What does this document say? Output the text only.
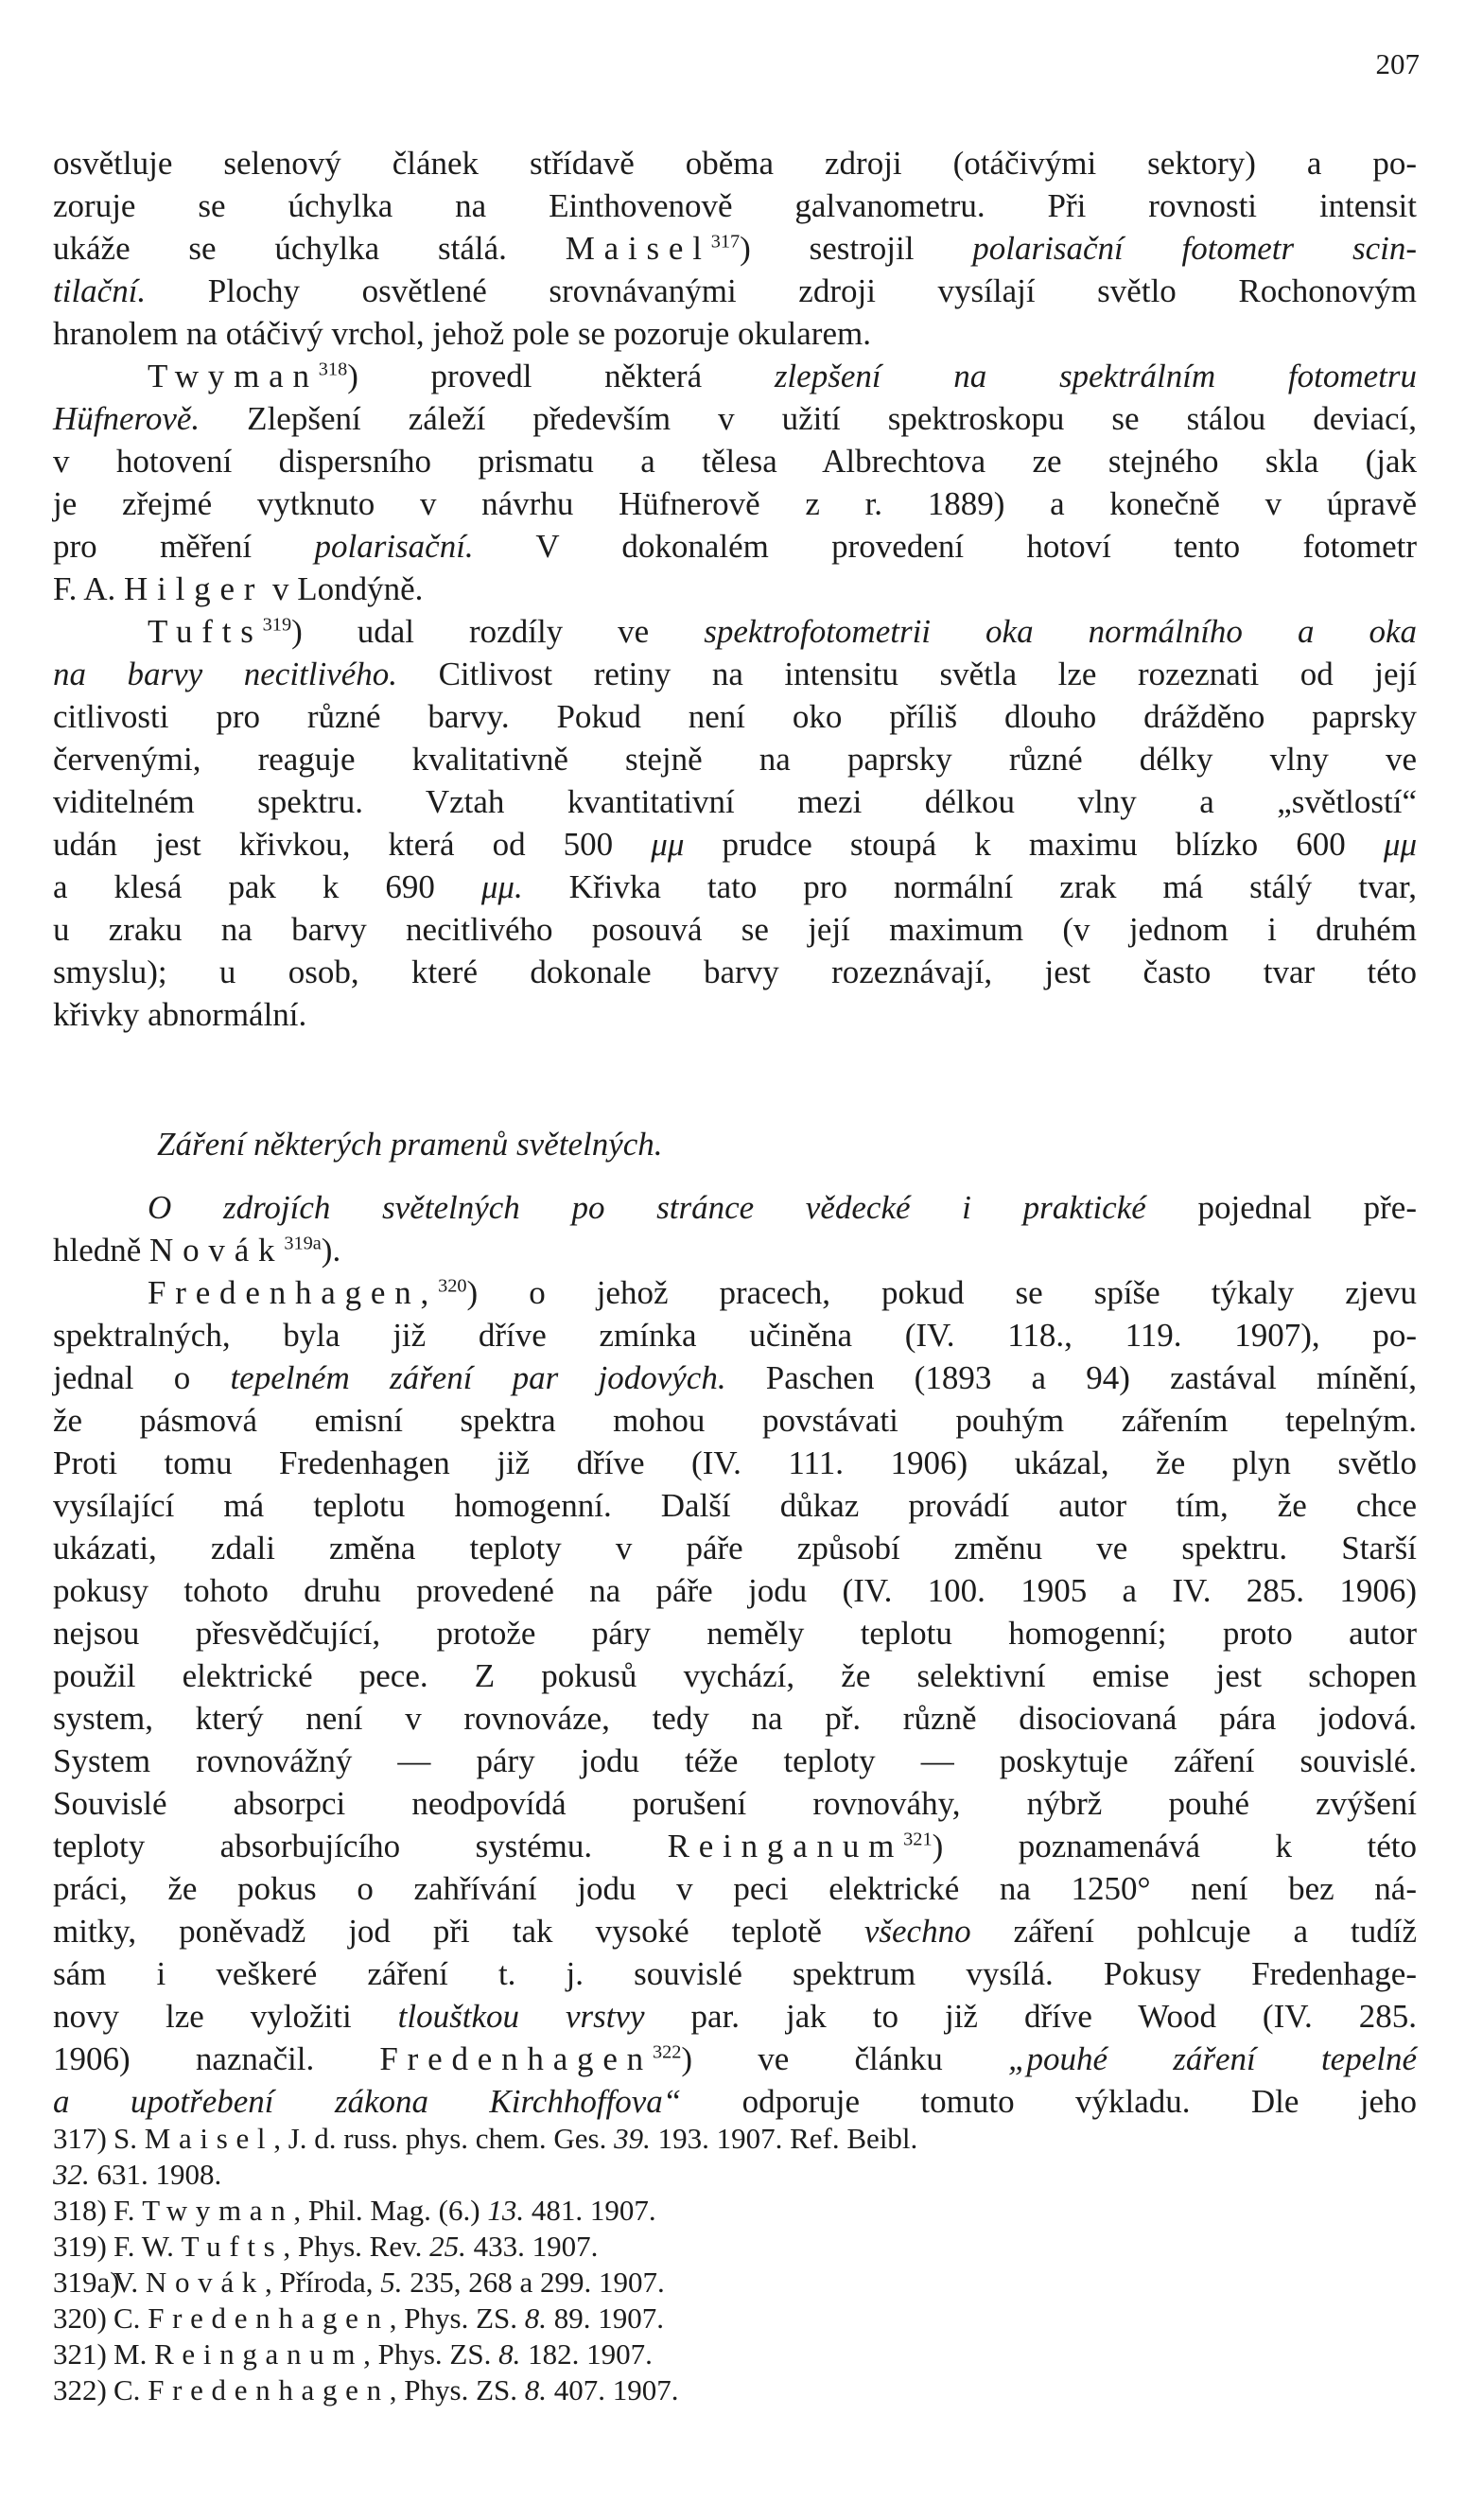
207
osvětluje selenový článek střídavě oběma zdroji (otáčivými sektory) a po-
zoruje se úchylka na Einthovenově galvanometru. Při rovnosti intensit
ukáže se úchylka stálá. Maisel$^{317}$) sestrojil polarisační fotometr scin-
tilační. Plochy osvětlené srovnávanými zdroji vysílají světlo Rochonovým
hranolem na otáčivý vrchol, jehož pole se pozoruje okularem.
Twyman$^{318}$) provedl některá zlepšení na spektrálním fotometru
Hüfnerově. Zlepšení záleží především v užití spektroskopu se stálou deviací,
v hotovení dispersního prismatu a tělesa Albrechtova ze stejného skla (jak
je zřejmé vytknuto v návrhu Hüfnerově z r. 1889) a konečně v úpravě
pro měření polarisační. V dokonalém provedení hotoví tento fotometr
F. A. Hilger v Londýně.
Tufts$^{319}$) udal rozdíly ve spektrofotometrii oka normálního a oka
na barvy necitlivého. Citlivost retiny na intensitu světla lze rozeznati od její
citlivosti pro různé barvy. Pokud není oko příliš dlouho drážděno paprsky
červenými, reaguje kvalitativně stejně na paprsky různé délky vlny ve
viditelném spektru. Vztah kvantitativní mezi délkou vlny a „světlostí“
udán jest křivkou, která od 500 μμ prudce stoupá k maximu blízko 600 μμ
a klesá pak k 690 μμ. Křivka tato pro normální zrak má stálý tvar,
u zraku na barvy necitlivého posouvá se její maximum (v jednom i druhém
smyslu); u osob, které dokonale barvy rozeznávají, jest často tvar této
křivky abnormální.
Záření některých pramenů světelných.
O zdrojích světelných po stránce vědecké i praktické pojednal pře-
hledně Novák$^{319a}$).
Fredenhagen,$^{320}$) o jehož pracech, pokud se spíše týkaly zjevu
spektralných, byla již dříve zmínka učiněna (IV. 118., 119. 1907), po-
jednal o tepelném záření par jodových. Paschen (1893 a 94) zastával mínění,
že pásmová emisní spektra mohou povstávati pouhým zářením tepelným.
Proti tomu Fredenhagen již dříve (IV. 111. 1906) ukázal, že plyn světlo
vysílající má teplotu homogenní. Další důkaz provádí autor tím, že chce
ukázati, zdali změna teploty v páře způsobí změnu ve spektru. Starší
pokusy tohoto druhu provedené na páře jodu (IV. 100. 1905 a IV. 285. 1906)
nejsou přesvědčující, protože páry neměly teplotu homogenní; proto autor
použil elektrické pece. Z pokusů vychází, že selektivní emise jest schopen
system, který není v rovnováze, tedy na př. různě disociovaná pára jodová.
System rovnovážný — páry jodu téže teploty — poskytuje záření souvislé.
Souvislé absorpci neodpovídá porušení rovnováhy, nýbrž pouhé zvýšení
teploty absorbujícího systému. Reinganum$^{321}$) poznamenává k této
práci, že pokus o zahřívání jodu v peci elektrické na 1250° není bez ná-
mitky, poněvadž jod při tak vysoké teplotě všechno záření pohlcuje a tudíž
sám i veškeré záření t. j. souvislé spektrum vysílá. Pokusy Fredenhage-
novy lze vyložiti tlouštkou vrstvy par. jak to již dříve Wood (IV. 285.
1906) naznačil. Fredenhagen$^{322}$) ve článku „pouhé záření tepelné
a upotřebení zákona Kirchhoffova“ odporuje tomuto výkladu. Dle jeho
317) S. Maisel, J. d. russ. phys. chem. Ges. 39. 193. 1907. Ref. Beibl.
32. 631. 1908.
318) F. Twyman, Phil. Mag. (6.) 13. 481. 1907.
319) F. W. Tufts, Phys. Rev. 25. 433. 1907.
319a)V. Novák, Příroda, 5. 235, 268 a 299. 1907.
320) C. Fredenhagen, Phys. ZS. 8. 89. 1907.
321) M. Reinganum, Phys. ZS. 8. 182. 1907.
322) C. Fredenhagen, Phys. ZS. 8. 407. 1907.
